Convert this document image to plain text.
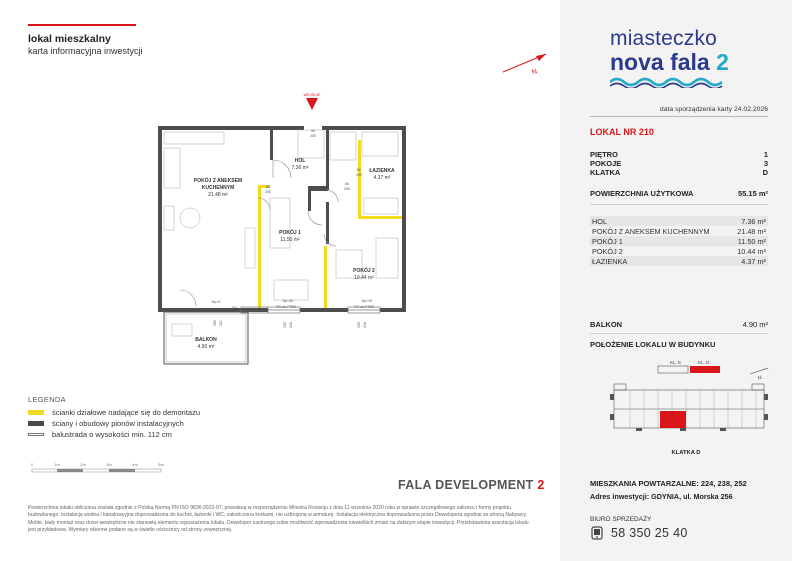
lokal mieszkalny
karta informacyjna inwestycji
N
WEJŚCIE
HOL
7.36 m²
POKÓJ Z ANEKSEM
KUCHENNYM
21.48 m²
ŁAZIENKA
4.37 m²
POKÓJ 1
11.50 m²
POKÓJ 2
10.44 m²
BALKON
4.90 m²
90
200
80
200
80
200
80
200
Hp=0
FIX
Hp=30
FIX do FR90
Hp=30
FIX do FR90
265 230	155 206	155 206
LEGENDA
ścianki działowe nadające się do demontażu
ściany i obudowy pionów instalacyjnych
balustrada o wysokości min. 112 cm
0	1m	2m	3m	4m	5m
FALA DEVELOPMENT 2
Powierzchnia lokalu obliczona została zgodnie z Polską Normą PN ISO 9836:2022-07, powołaną w rozporządzeniu Ministra Rozwoju z dnia 11 września 2020 roku w sprawie szczegółowego zakresu i formy projektu budowlanego. Instalacja wodna i kanalizacyjna doprowadzona do kuchni, łazienki i WC, zakończona korkami, nie uzbrojona w armaturę. Instalacja elektryczna doprowadzona przez Dewelopera zgodnie ze stroną Nabywcy. Meble, biały montaż oraz drzwi wewnętrzne nie stanowią elementu wyposażenia lokalu. Deweloper zastrzega sobie możliwość wprowadzenia niewielkich zmian na dalszym etapie inwestycji. Przedstawiona aranżacja lokalu jest przykładowa. Wymiary okienne podane są w świetle ościeżnicy od strony zewnętrznej.
miasteczko
nova fala 2
data sporządzenia karty 24.02.2026
LOKAL NR 210
PIĘTRO	1
POKOJE	3
KLATKA	D
POWIERZCHNIA UŻYTKOWA	55.15 m²
HOL	7.36 m²
POKÓJ Z ANEKSEM KUCHENNYM	21.48 m²
POKÓJ 1	11.50 m²
POKÓJ 2	10.44 m²
ŁAZIENKA	4.37 m²
BALKON	4.90 m²
POŁOŻENIE LOKALU W BUDYNKU
KL. E	KL. D
N
KLATKA D
MIESZKANIA POWTARZALNE: 224, 238, 252
Adres inwestycji: GDYNIA, ul. Morska 256
BIURO SPRZEDAŻY
58 350 25 40
